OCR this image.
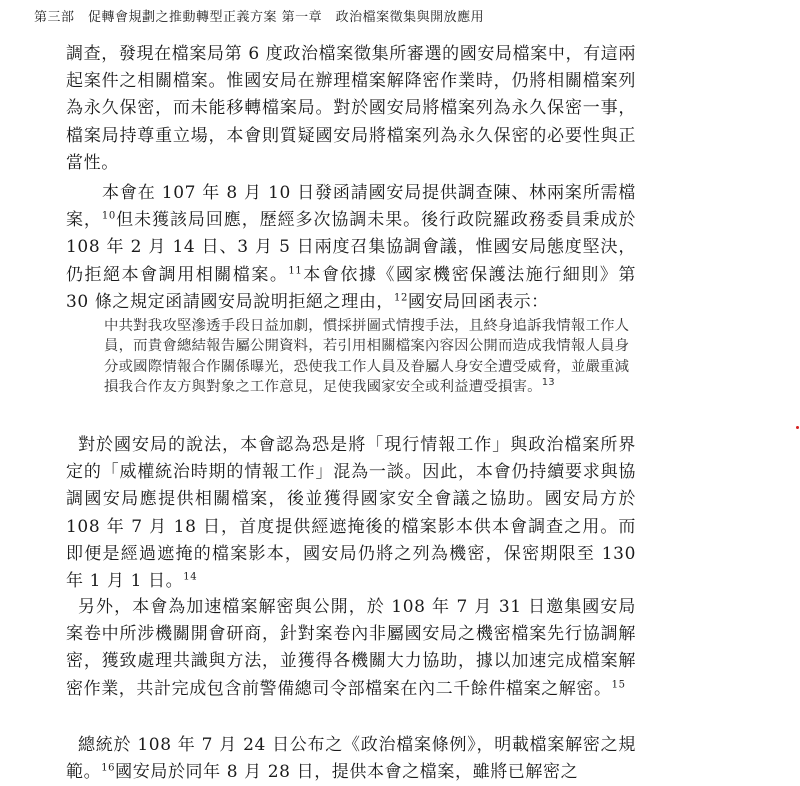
第三部　促轉會規劃之推動轉型正義方案 第一章　政治檔案徵集與開放應用

調查，發現在檔案局第 6 度政治檔案徵集所審選的國安局檔案中，有這兩起案件之相關檔案。惟國安局在辦理檔案解降密作業時，仍將相關檔案列為永久保密，而未能移轉檔案局。對於國安局將檔案列為永久保密一事，檔案局持尊重立場，本會則質疑國安局將檔案列為永久保密的必要性與正當性。

本會在 107 年 8 月 10 日發函請國安局提供調查陳、林兩案所需檔案，$^{10}$但未獲該局回應，歷經多次協調未果。後行政院羅政務委員秉成於 108 年 2 月 14 日、3 月 5 日兩度召集協調會議，惟國安局態度堅決，仍拒絕本會調用相關檔案。$^{11}$本會依據《國家機密保護法施行細則》第 30 條之規定函請國安局說明拒絕之理由，$^{12}$國安局回函表示：

中共對我攻堅滲透手段日益加劇，慣採拼圖式情搜手法，且終身追訴我情報工作人員，而貴會總結報告屬公開資料，若引用相關檔案內容因公開而造成我情報人員身分或國際情報合作關係曝光，恐使我工作人員及眷屬人身安全遭受威脅，並嚴重減損我合作友方與對象之工作意見，足使我國家安全或利益遭受損害。$^{13}$

對於國安局的說法，本會認為恐是將「現行情報工作」與政治檔案所界定的「威權統治時期的情報工作」混為一談。因此，本會仍持續要求與協調國安局應提供相關檔案，後並獲得國家安全會議之協助。國安局方於 108 年 7 月 18 日，首度提供經遮掩後的檔案影本供本會調查之用。而即便是經過遮掩的檔案影本，國安局仍將之列為機密，保密期限至 130 年 1 月 1 日。$^{14}$

另外，本會為加速檔案解密與公開，於 108 年 7 月 31 日邀集國安局案卷中所涉機關開會研商，針對案卷內非屬國安局之機密檔案先行協調解密，獲致處理共識與方法，並獲得各機關大力協助，據以加速完成檔案解密作業，共計完成包含前警備總司令部檔案在內二千餘件檔案之解密。$^{15}$

總統於 108 年 7 月 24 日公布之《政治檔案條例》，明載檔案解密之規範。$^{16}$國安局於同年 8 月 28 日，提供本會之檔案，雖將已解密之
